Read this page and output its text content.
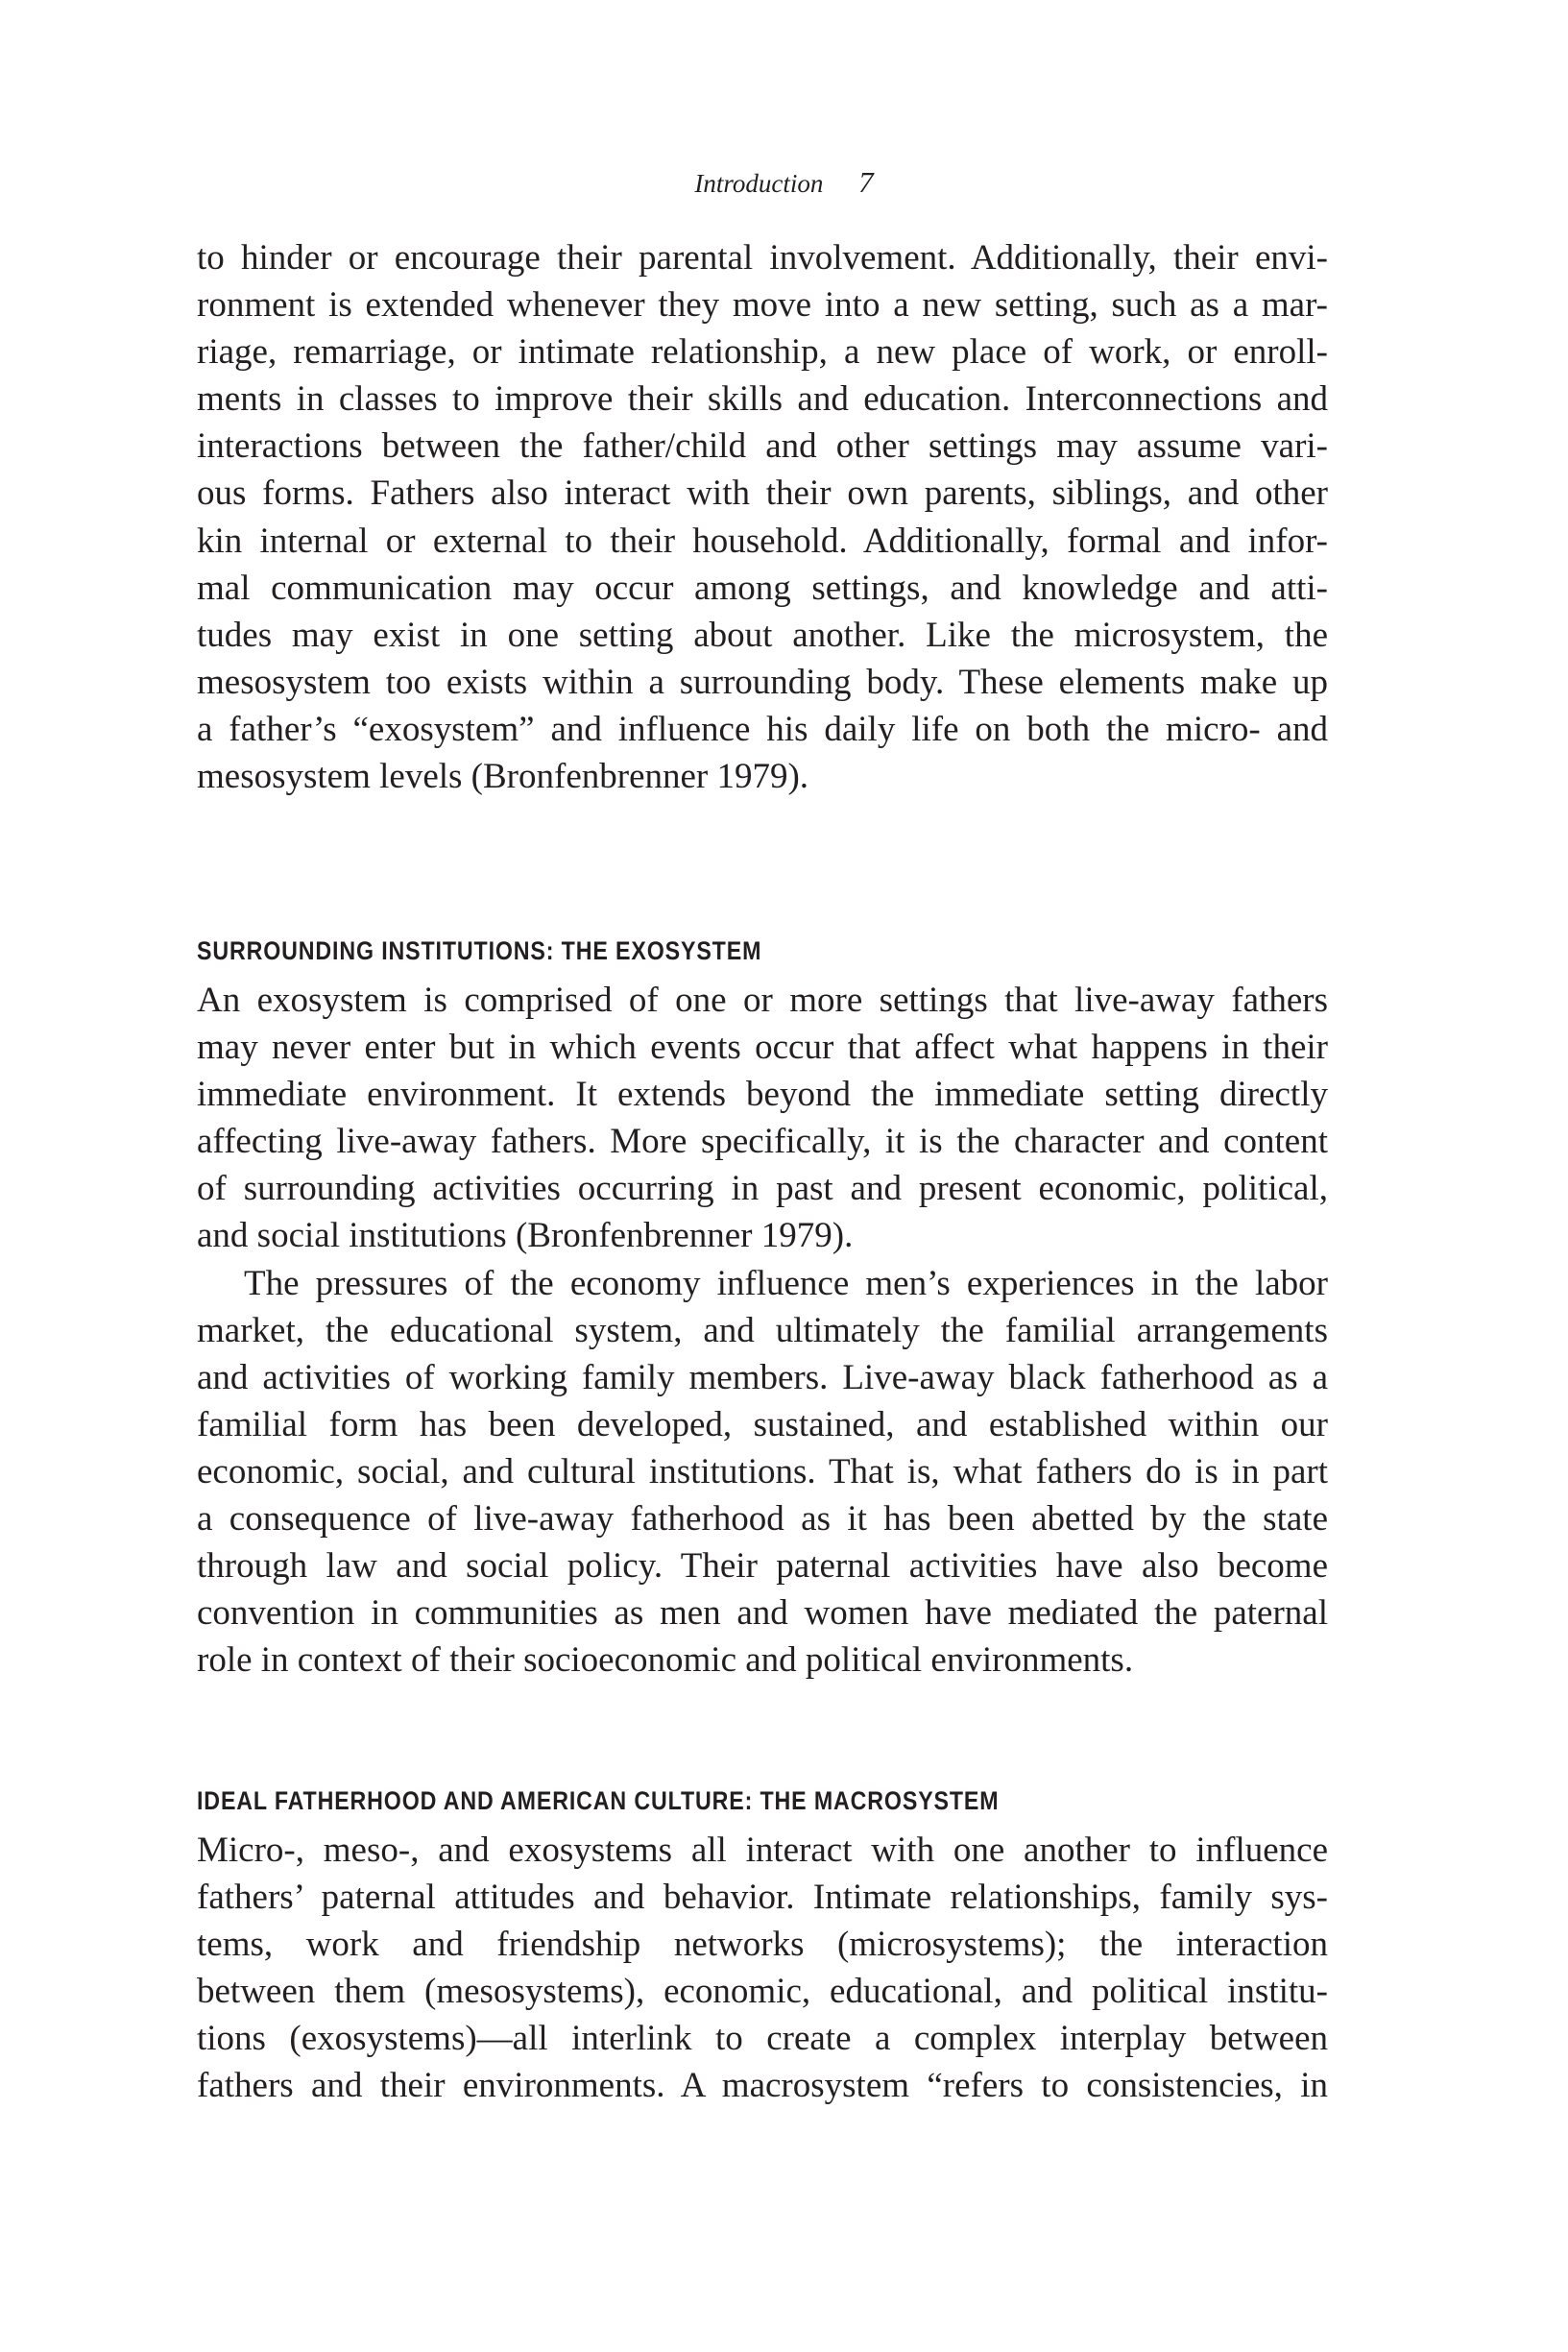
Introduction 7
to hinder or encourage their parental involvement. Additionally, their envi-
ronment is extended whenever they move into a new setting, such as a mar-
riage, remarriage, or intimate relationship, a new place of work, or enroll-
ments in classes to improve their skills and education. Interconnections and
interactions between the father/child and other settings may assume vari-
ous forms. Fathers also interact with their own parents, siblings, and other
kin internal or external to their household. Additionally, formal and infor-
mal communication may occur among settings, and knowledge and atti-
tudes may exist in one setting about another. Like the microsystem, the
mesosystem too exists within a surrounding body. These elements make up
a father’s “exosystem” and influence his daily life on both the micro- and
mesosystem levels (Bronfenbrenner 1979).
SURROUNDING INSTITUTIONS: THE EXOSYSTEM
An exosystem is comprised of one or more settings that live-away fathers
may never enter but in which events occur that affect what happens in their
immediate environment. It extends beyond the immediate setting directly
affecting live-away fathers. More specifically, it is the character and content
of surrounding activities occurring in past and present economic, political,
and social institutions (Bronfenbrenner 1979).
The pressures of the economy influence men’s experiences in the labor
market, the educational system, and ultimately the familial arrangements
and activities of working family members. Live-away black fatherhood as a
familial form has been developed, sustained, and established within our
economic, social, and cultural institutions. That is, what fathers do is in part
a consequence of live-away fatherhood as it has been abetted by the state
through law and social policy. Their paternal activities have also become
convention in communities as men and women have mediated the paternal
role in context of their socioeconomic and political environments.
IDEAL FATHERHOOD AND AMERICAN CULTURE: THE MACROSYSTEM
Micro-, meso-, and exosystems all interact with one another to influence
fathers’ paternal attitudes and behavior. Intimate relationships, family sys-
tems, work and friendship networks (microsystems); the interaction
between them (mesosystems), economic, educational, and political institu-
tions (exosystems)—all interlink to create a complex interplay between
fathers and their environments. A macrosystem “refers to consistencies, in
